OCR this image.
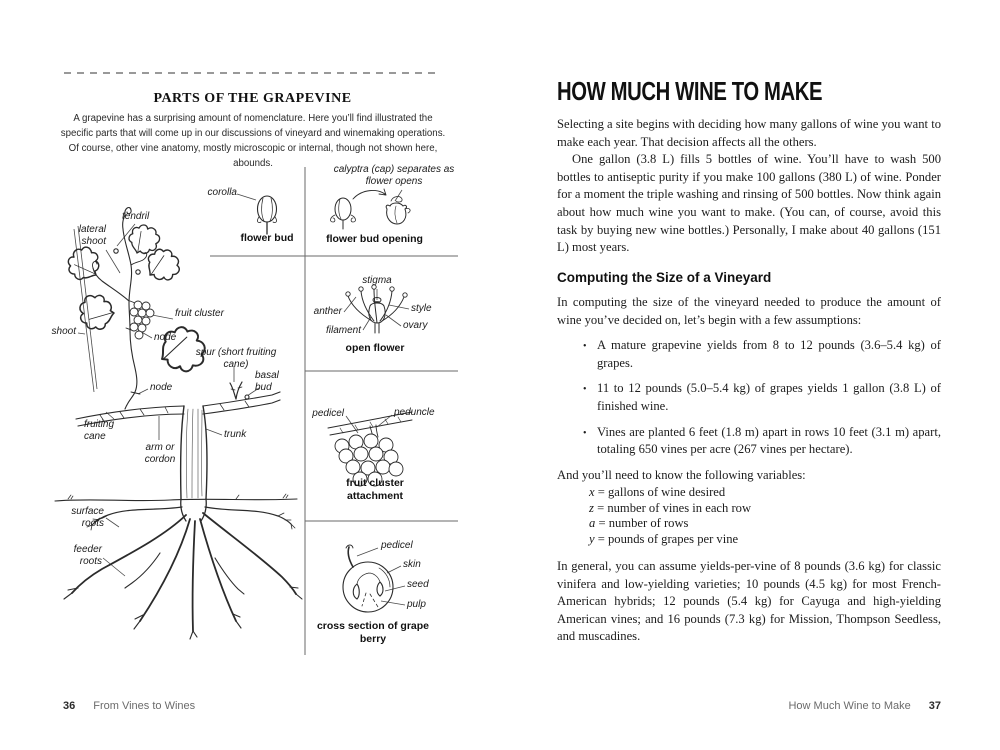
PARTS OF THE GRAPEVINE

A grapevine has a surprising amount of nomenclature. Here you’ll find illustrated the specific parts that will come up in our discussions of vineyard and winemaking operations. Of course, other vine anatomy, mostly microscopic or internal, though not shown here, abounds.

corolla
flower bud
calyptra (cap) separates as flower opens
flower bud opening
tendril
lateral shoot
shoot
fruit cluster
node
spur (short fruiting cane)
basal bud
node
fruiting cane
arm or cordon
trunk
surface roots
feeder roots
stigma
anther	style
filament	ovary
open flower
pedicel	peduncle
fruit cluster attachment
pedicel
skin
seed
pulp
cross section of grape berry
36 From Vines to Wines
HOW MUCH WINE TO MAKE

Selecting a site begins with deciding how many gallons of wine you want to make each year. That decision affects all the others.

One gallon (3.8 L) fills 5 bottles of wine. You’ll have to wash 500 bottles to antiseptic purity if you make 100 gallons (380 L) of wine. Ponder for a moment the triple washing and rinsing of 500 bottles. Now think again about how much wine you want to make. (You can, of course, avoid this task by buying new wine bottles.) Personally, I make about 40 gallons (151 L) most years.

Computing the Size of a Vineyard

In computing the size of the vineyard needed to produce the amount of wine you’ve decided on, let’s begin with a few assumptions:

• A mature grapevine yields from 8 to 12 pounds (3.6–5.4 kg) of grapes.
• 11 to 12 pounds (5.0–5.4 kg) of grapes yields 1 gallon (3.8 L) of finished wine.
• Vines are planted 6 feet (1.8 m) apart in rows 10 feet (3.1 m) apart, totaling 650 vines per acre (267 vines per hectare).

And you’ll need to know the following variables:

x = gallons of wine desired
z = number of vines in each row
a = number of rows
y = pounds of grapes per vine

In general, you can assume yields-per-vine of 8 pounds (3.6 kg) for classic vinifera and low-yielding varieties; 10 pounds (4.5 kg) for most French-American hybrids; 12 pounds (5.4 kg) for Cayuga and high-yielding American vines; and 16 pounds (7.3 kg) for Mission, Thompson Seedless, and muscadines.

How Much Wine to Make 37
